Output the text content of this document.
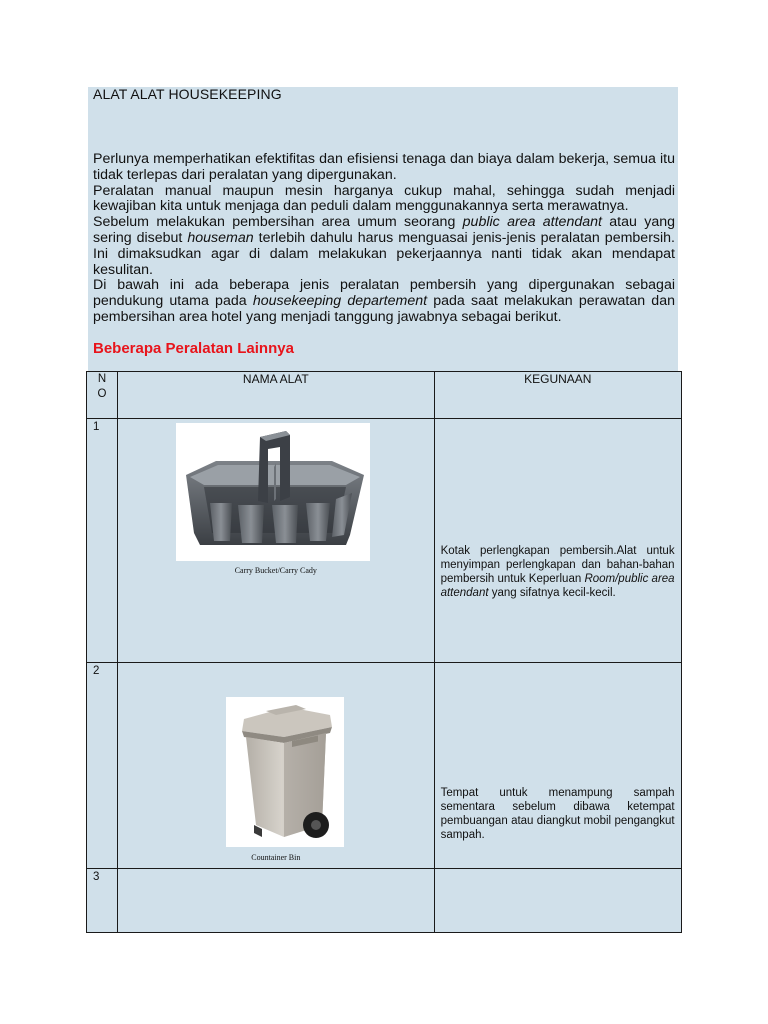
ALAT ALAT HOUSEKEEPING

Perlunya memperhatikan efektifitas dan efisiensi tenaga dan biaya dalam bekerja, semua itu tidak terlepas dari peralatan yang dipergunakan.

Peralatan manual maupun mesin harganya cukup mahal, sehingga sudah menjadi kewajiban kita untuk menjaga dan peduli dalam menggunakannya serta merawatnya.

Sebelum melakukan pembersihan area umum seorang public area attendant atau yang sering disebut houseman terlebih dahulu harus menguasai jenis-jenis peralatan pembersih. Ini dimaksudkan agar di dalam melakukan pekerjaannya nanti tidak akan mendapat kesulitan.

Di bawah ini ada beberapa jenis peralatan pembersih yang dipergunakan sebagai pendukung utama pada housekeeping departement pada saat melakukan perawatan dan pembersihan area hotel yang menjadi tanggung jawabnya sebagai berikut.

Beberapa Peralatan Lainnya
N
O	NAMA ALAT	KEGUNAAN
1	Carry Bucket/Carry Cady	Kotak perlengkapan pembersih.Alat untuk menyimpan perlengkapan dan bahan-bahan pembersih untuk Keperluan Room/public area attendant yang sifatnya kecil-kecil.

2	Countainer Bin	Tempat untuk menampung sampah sementara sebelum dibawa ketempat pembuangan atau diangkut mobil pengangkut sampah.

3		
